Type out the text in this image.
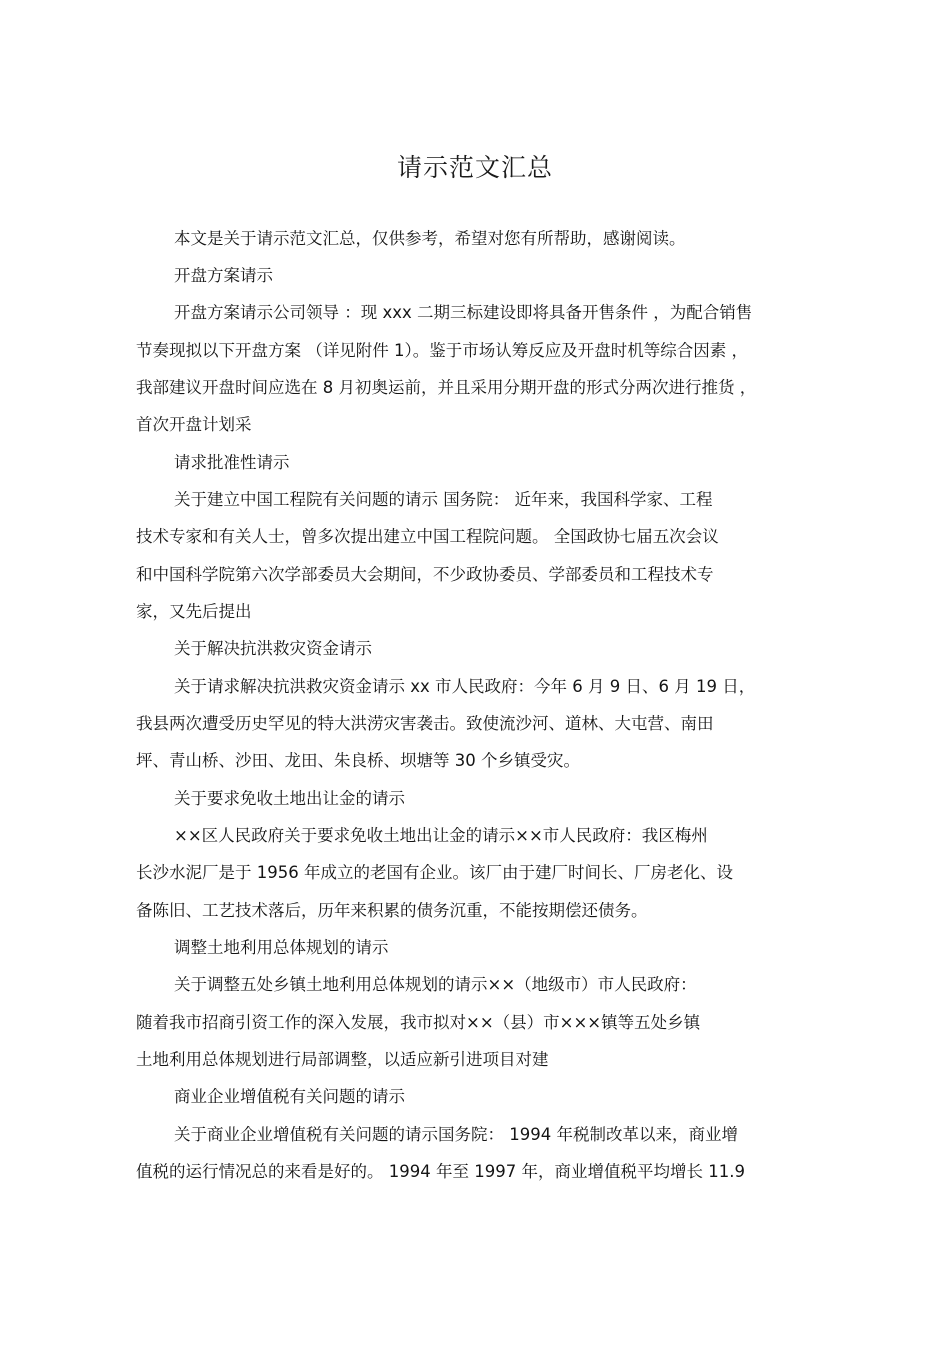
请示范文汇总
本文是关于请示范文汇总，仅供参考，希望对您有所帮助，感谢阅读。
开盘方案请示
开盘方案请示公司领导 ：现 xxx 二期三标建设即将具备开售条件 ，为配合销售
节奏现拟以下开盘方案 （详见附件 1）。鉴于市场认筹反应及开盘时机等综合因素 ，
我部建议开盘时间应选在 8 月初奥运前，并且采用分期开盘的形式分两次进行推货 ，
首次开盘计划采
请求批准性请示
关于建立中国工程院有关问题的请示 国务院： 近年来，我国科学家、工程
技术专家和有关人士，曾多次提出建立中国工程院问题。 全国政协七届五次会议
和中国科学院第六次学部委员大会期间，不少政协委员、学部委员和工程技术专
家，又先后提出
关于解决抗洪救灾资金请示
关于请求解决抗洪救灾资金请示 xx 市人民政府：今年 6 月 9 日、6 月 19 日，
我县两次遭受历史罕见的特大洪涝灾害袭击。致使流沙河、道林、大屯营、南田
坪、青山桥、沙田、龙田、朱良桥、坝塘等 30 个乡镇受灾。
关于要求免收土地出让金的请示
××区人民政府关于要求免收土地出让金的请示××市人民政府：我区梅州
长沙水泥厂是于 1956 年成立的老国有企业。该厂由于建厂时间长、厂房老化、设
备陈旧、工艺技术落后，历年来积累的债务沉重，不能按期偿还债务。
调整土地利用总体规划的请示
关于调整五处乡镇土地利用总体规划的请示××（地级市）市人民政府：
随着我市招商引资工作的深入发展，我市拟对××（县）市×××镇等五处乡镇
土地利用总体规划进行局部调整，以适应新引进项目对建
商业企业增值税有关问题的请示
关于商业企业增值税有关问题的请示国务院： 1994 年税制改革以来，商业增
值税的运行情况总的来看是好的。 1994 年至 1997 年，商业增值税平均增长 11.9
